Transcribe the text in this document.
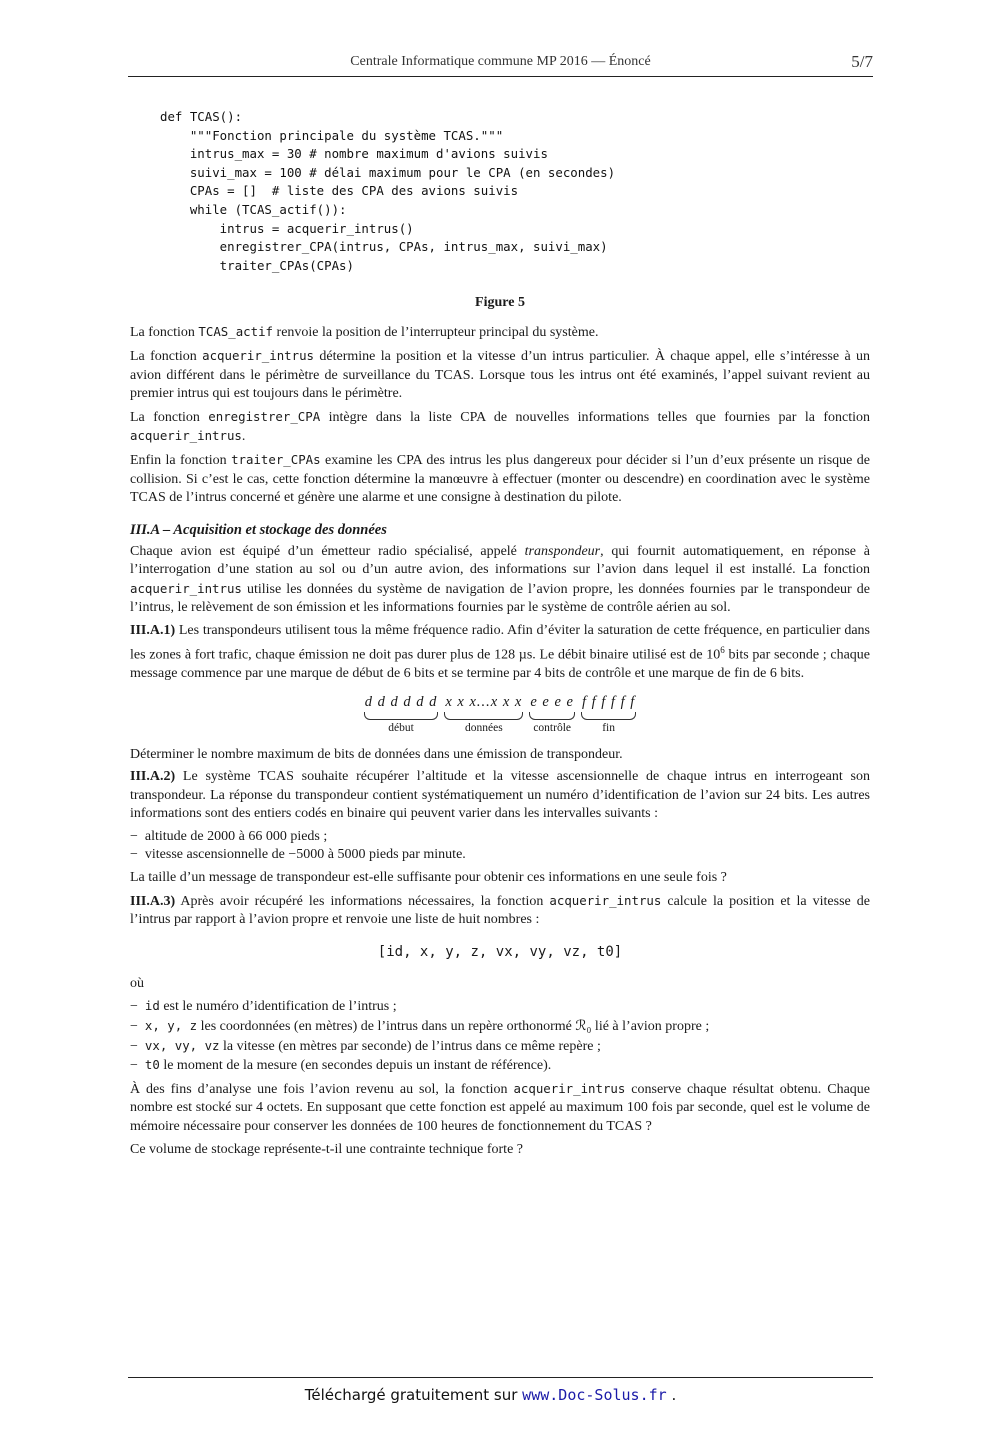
Centrale Informatique commune MP 2016 — Énoncé	5/7
def TCAS():
"""Fonction principale du système TCAS."""
intrus_max = 30 # nombre maximum d'avions suivis
suivi_max = 100 # délai maximum pour le CPA (en secondes)
CPAs = []  # liste des CPA des avions suivis
while (TCAS_actif()):
intrus = acquerir_intrus()
enregistrer_CPA(intrus, CPAs, intrus_max, suivi_max)
traiter_CPAs(CPAs)
Figure 5

La fonction TCAS_actif renvoie la position de l’interrupteur principal du système.

La fonction acquerir_intrus détermine la position et la vitesse d’un intrus particulier. À chaque appel, elle s’intéresse à un avion différent dans le périmètre de surveillance du TCAS. Lorsque tous les intrus ont été examinés, l’appel suivant revient au premier intrus qui est toujours dans le périmètre.

La fonction enregistrer_CPA intègre dans la liste CPA de nouvelles informations telles que fournies par la fonction acquerir_intrus.

Enfin la fonction traiter_CPAs examine les CPA des intrus les plus dangereux pour décider si l’un d’eux présente un risque de collision. Si c’est le cas, cette fonction détermine la manœuvre à effectuer (monter ou descendre) en coordination avec le système TCAS de l’intrus concerné et génère une alarme et une consigne à destination du pilote.

III.A – Acquisition et stockage des données

Chaque avion est équipé d’un émetteur radio spécialisé, appelé transpondeur, qui fournit automatiquement, en réponse à l’interrogation d’une station au sol ou d’un autre avion, des informations sur l’avion dans lequel il est installé. La fonction acquerir_intrus utilise les données du système de navigation de l’avion propre, les données fournies par le transpondeur de l’intrus, le relèvement de son émission et les informations fournies par le système de contrôle aérien au sol.

III.A.1) Les transpondeurs utilisent tous la même fréquence radio. Afin d’éviter la saturation de cette fréquence, en particulier dans les zones à fort trafic, chaque émission ne doit pas durer plus de 128 µs. Le débit binaire utilisé est de $10^6$ bits par seconde ; chaque message commence par une marque de début de 6 bits et se termine par 4 bits de contrôle et une marque de fin de 6 bits.

d d d d d d
début
x x x...x x x
données
e e e e
contrôle
f f f f f f
fin

Déterminer le nombre maximum de bits de données dans une émission de transpondeur.

III.A.2) Le système TCAS souhaite récupérer l’altitude et la vitesse ascensionnelle de chaque intrus en interrogeant son transpondeur. La réponse du transpondeur contient systématiquement un numéro d’identification de l’avion sur 24 bits. Les autres informations sont des entiers codés en binaire qui peuvent varier dans les intervalles suivants :

−  altitude de 2000 à 66 000 pieds ;
−  vitesse ascensionnelle de −5000 à 5000 pieds par minute.

La taille d’un message de transpondeur est-elle suffisante pour obtenir ces informations en une seule fois ?

III.A.3) Après avoir récupéré les informations nécessaires, la fonction acquerir_intrus calcule la position et la vitesse de l’intrus par rapport à l’avion propre et renvoie une liste de huit nombres :

[id, x, y, z, vx, vy, vz, t0]

où

−  id est le numéro d’identification de l’intrus ;
−  x, y, z les coordonnées (en mètres) de l’intrus dans un repère orthonormé ℛ₀ lié à l’avion propre ;
−  vx, vy, vz la vitesse (en mètres par seconde) de l’intrus dans ce même repère ;
−  t0 le moment de la mesure (en secondes depuis un instant de référence).

À des fins d’analyse une fois l’avion revenu au sol, la fonction acquerir_intrus conserve chaque résultat obtenu. Chaque nombre est stocké sur 4 octets. En supposant que cette fonction est appelé au maximum 100 fois par seconde, quel est le volume de mémoire nécessaire pour conserver les données de 100 heures de fonctionnement du TCAS ?

Ce volume de stockage représente-t-il une contrainte technique forte ?

Téléchargé gratuitement sur www.Doc-Solus.fr .
